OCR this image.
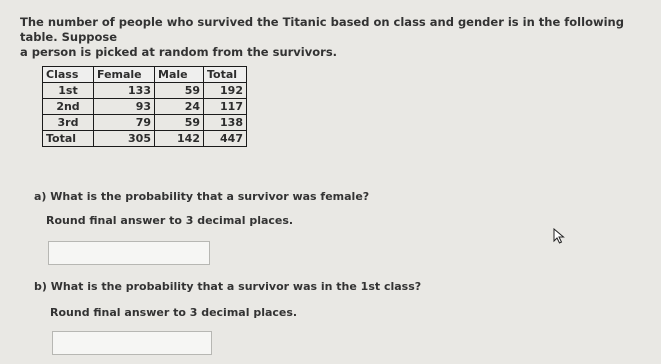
The number of people who survived the Titanic based on class and gender is in the following table. Suppose
a person is picked at random from the survivors.
Class	Female	Male	Total
1st	133	59	192
2nd	93	24	117
3rd	79	59	138
Total	305	142	447
a) What is the probability that a survivor was female?
Round final answer to 3 decimal places.
b) What is the probability that a survivor was in the 1st class?
Round final answer to 3 decimal places.
